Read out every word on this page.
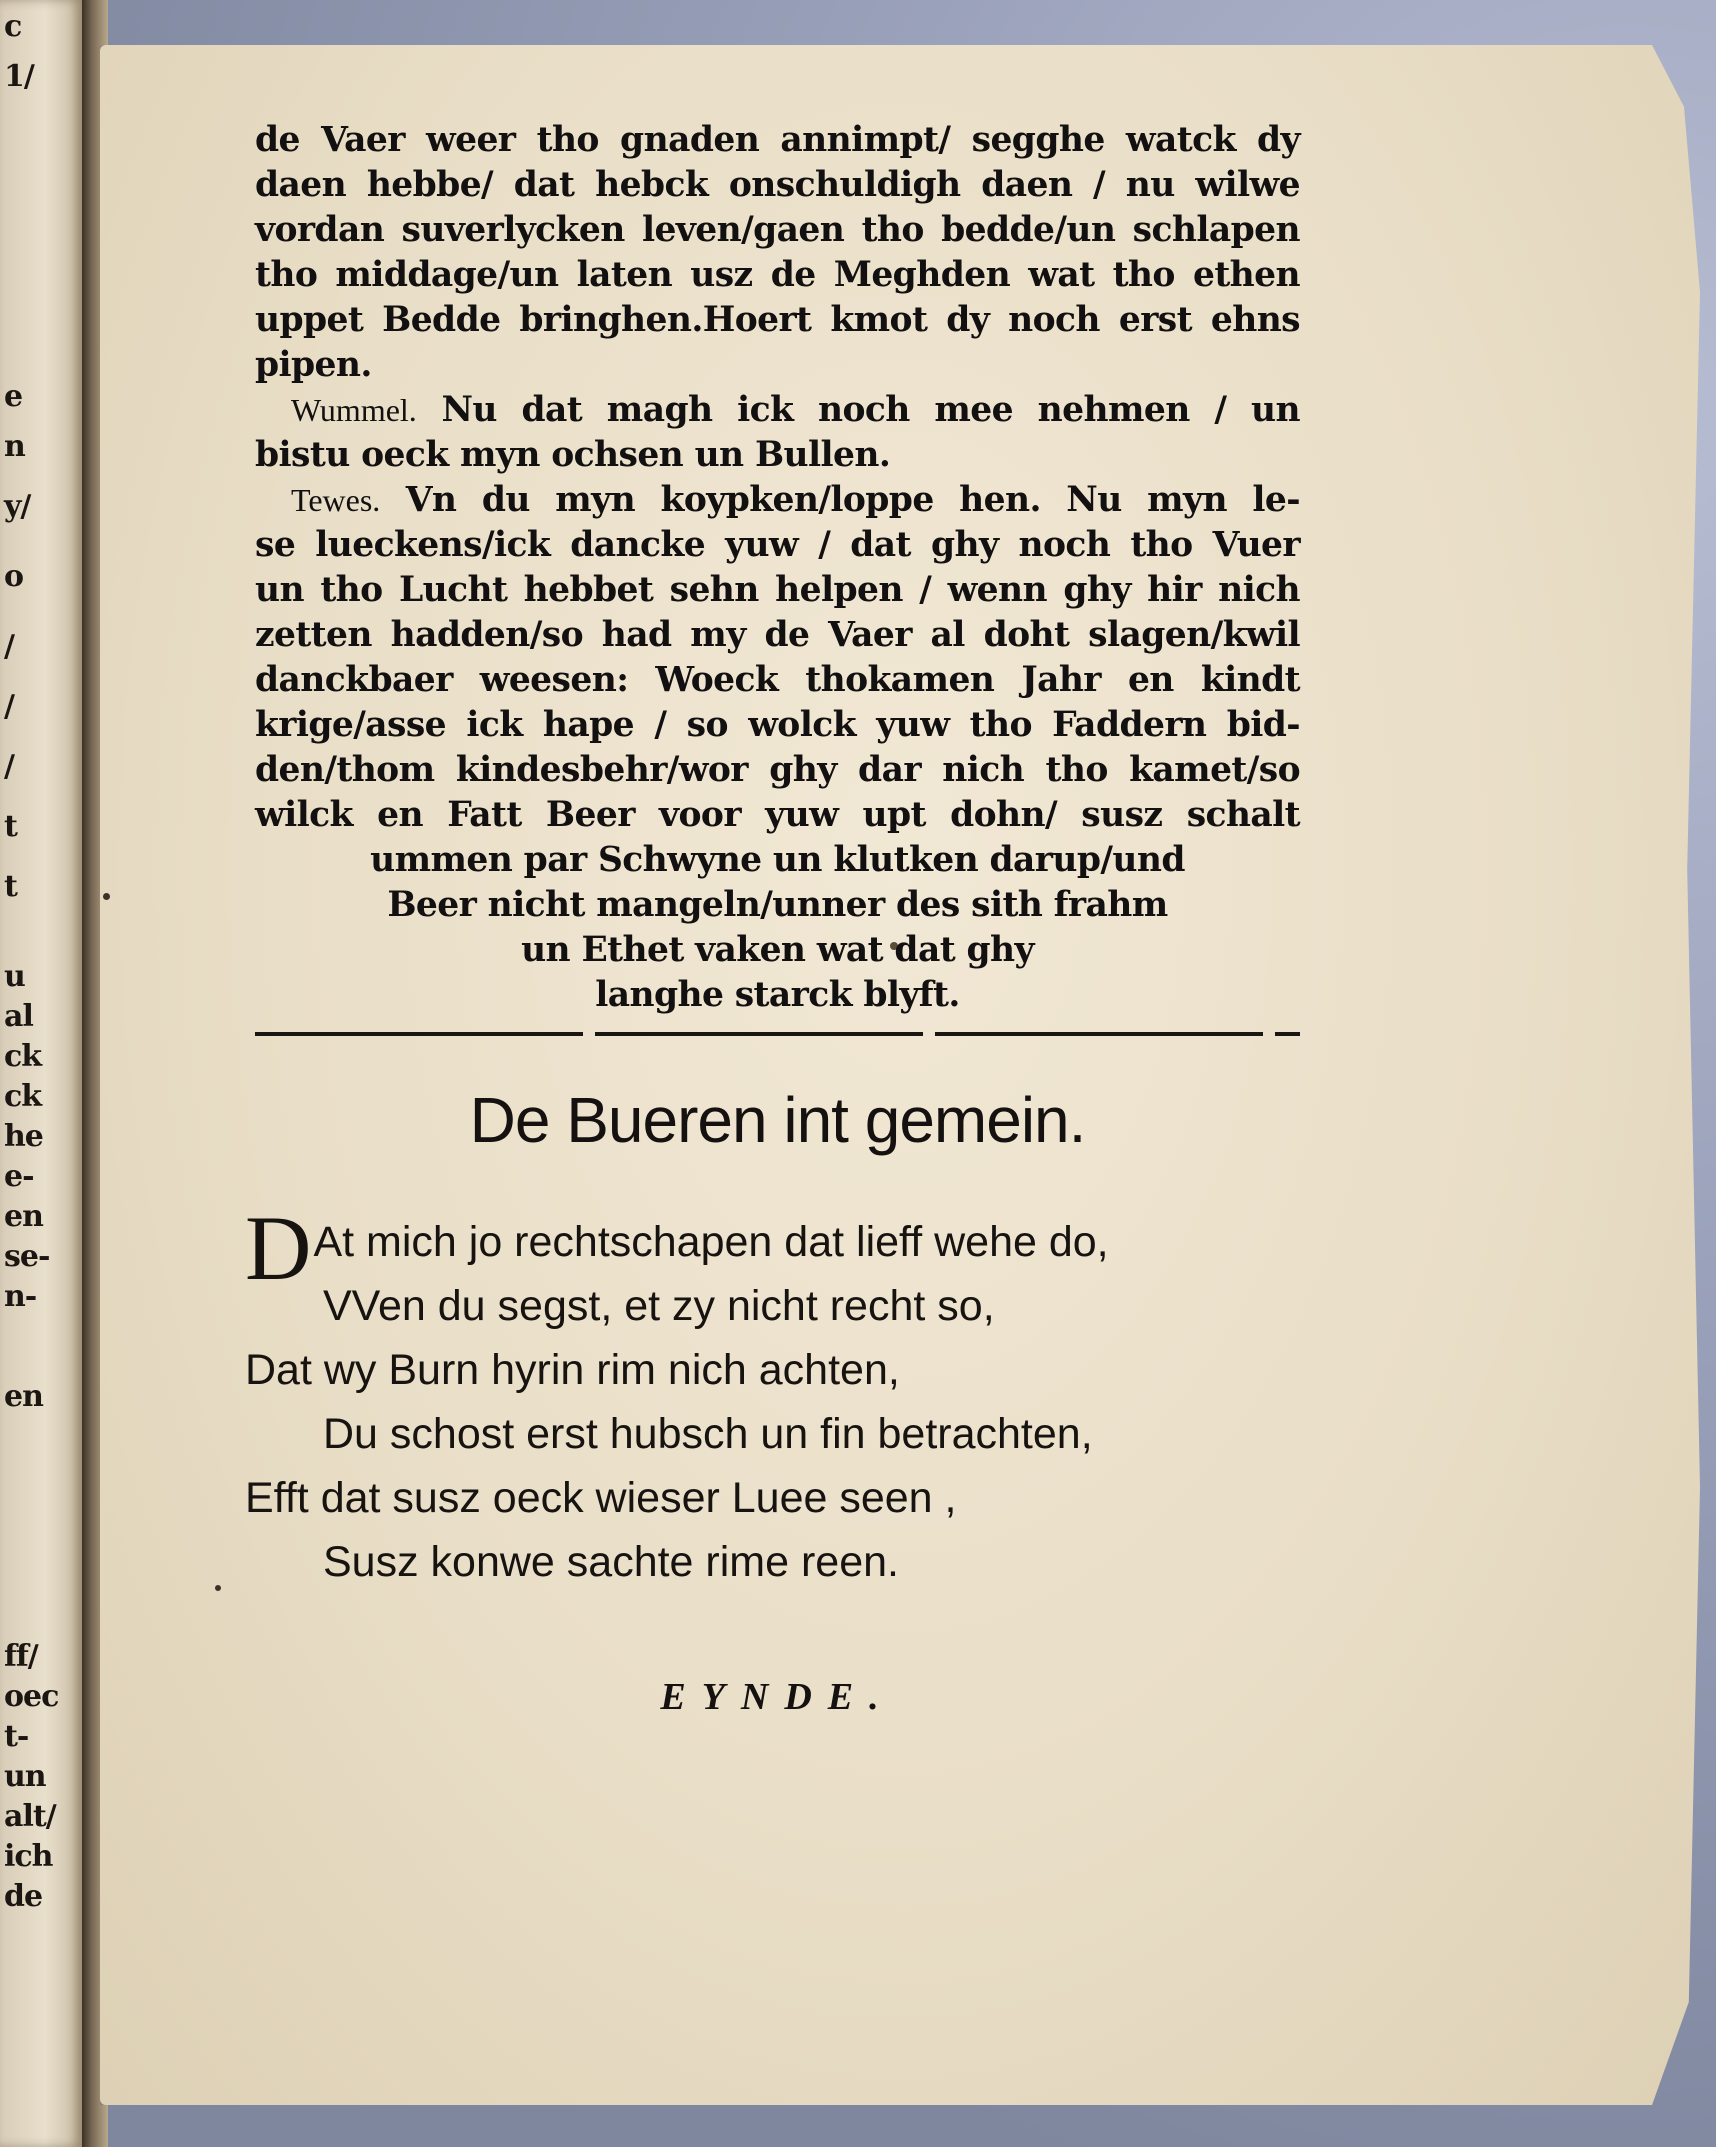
c
1/
e
n
y/
o
/
/
/
t
t
u
al
ck
ck
he
e-
en
se-
n-
en
ff/
oec
t-
un
alt/
ich
de
de Vaer weer tho gnaden annimpt/ segghe watck dy
daen hebbe/ dat hebck onschuldigh daen / nu wilwe
vordan suverlycken leven/gaen tho bedde/un schlapen
tho middage/un laten usz de Meghden wat tho ethen
uppet Bedde bringhen.Hoert kmot dy noch erst ehns
pipen.
Wummel. Nu dat magh ick noch mee nehmen / un
bistu oeck myn ochsen un Bullen.
Tewes. Vn du myn koypken/loppe hen. Nu myn le-
se lueckens/ick dancke yuw / dat ghy noch tho Vuer
un tho Lucht hebbet sehn helpen / wenn ghy hir nich
zetten hadden/so had my de Vaer al doht slagen/kwil
danckbaer weesen: Woeck thokamen Jahr en kindt
krige/asse ick hape / so wolck yuw tho Faddern bid-
den/thom kindesbehr/wor ghy dar nich tho kamet/so
wilck en Fatt Beer voor yuw upt dohn/ susz schalt
ummen par Schwyne un klutken darup/und
Beer nicht mangeln/unner des sith frahm
un Ethet vaken wat dat ghy
langhe starck blyft.
De Bueren int gemein.
DAt mich jo rechtschapen dat lieff wehe do,
VVen du segst, et zy nicht recht so,
Dat wy Burn hyrin rim nich achten,
Du schost erst hubsch un fin betrachten,
Efft dat susz oeck wieser Luee seen ,
Susz konwe sachte rime reen.
EYNDE.
